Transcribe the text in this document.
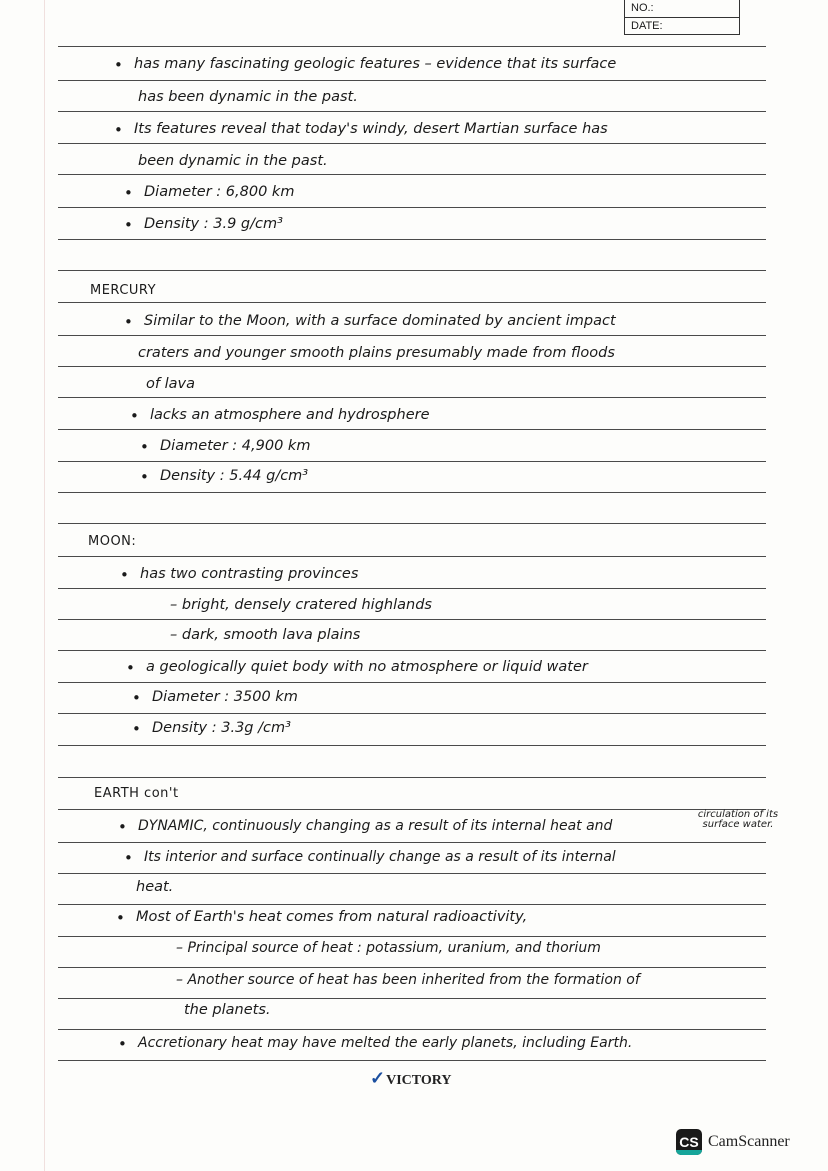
NO.:
DATE:
• has many fascinating geologic features – evidence that its surface
has been dynamic in the past.
• Its features reveal that today's windy, desert Martian surface has
been dynamic in the past.
• Diameter : 6,800 km
• Density : 3.9 g/cm³
MERCURY
• Similar to the Moon, with a surface dominated by ancient impact
craters and younger smooth plains presumably made from floods
of lava
• lacks an atmosphere and hydrosphere
• Diameter : 4,900 km
• Density : 5.44 g/cm³
MOON:
• has two contrasting provinces
– bright, densely cratered highlands
– dark, smooth lava plains
• a geologically quiet body with no atmosphere or liquid water
• Diameter : 3500 km
• Density : 3.3g /cm³
EARTH con't
circulation of its surface water.
• DYNAMIC, continuously changing as a result of its internal heat and
• Its interior and surface continually change as a result of its internal
heat.
• Most of Earth's heat comes from natural radioactivity,
– Principal source of heat : potassium, uranium, and thorium
– Another source of heat has been inherited from the formation of
the planets.
• Accretionary heat may have melted the early planets, including Earth.
✓VICTORY
CS CamScanner
